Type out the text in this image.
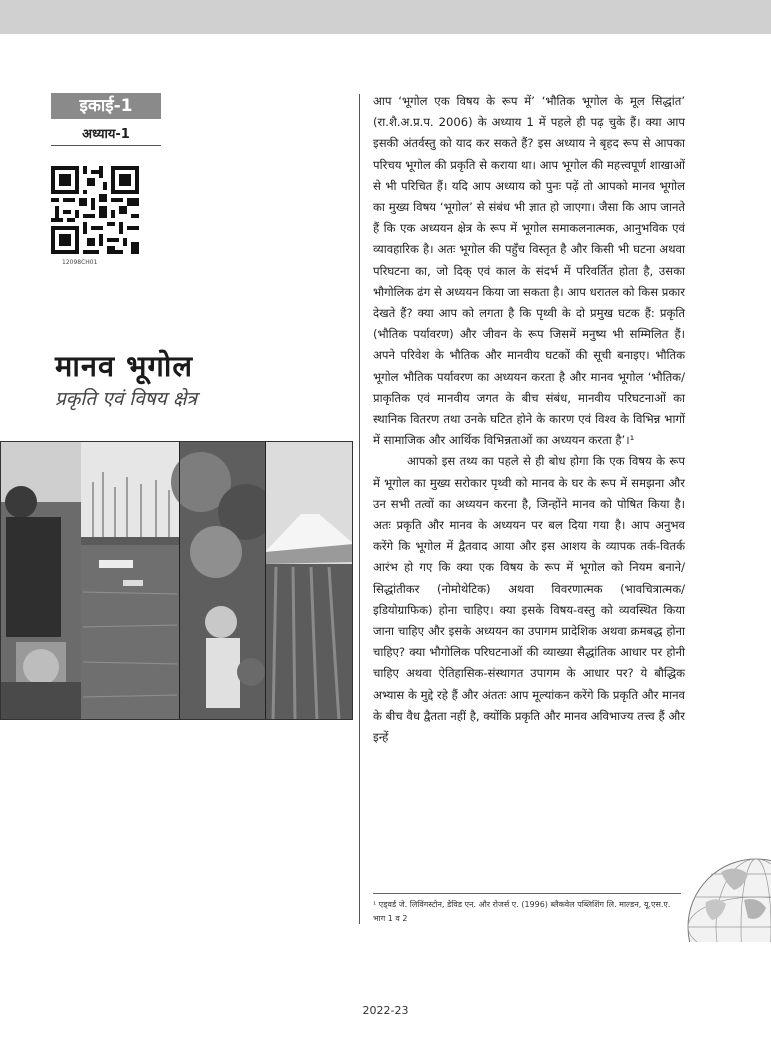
इकाई-1
अध्याय-1
12098CH01
मानव भूगोल
प्रकृति एवं विषय क्षेत्र

आप ‘भूगोल एक विषय के रूप में’ ‘भौतिक भूगोल के मूल सिद्धांत’ (रा.शै.अ.प्र.प. 2006) के अध्याय 1 में पहले ही पढ़ चुके हैं। क्या आप इसकी अंतर्वस्तु को याद कर सकते हैं? इस अध्याय ने बृहद रूप से आपका परिचय भूगोल की प्रकृति से कराया था। आप भूगोल की महत्त्वपूर्ण शाखाओं से भी परिचित हैं। यदि आप अध्याय को पुनः पढ़ें तो आपको मानव भूगोल का मुख्य विषय ‘भूगोल’ से संबंध भी ज्ञात हो जाएगा। जैसा कि आप जानते हैं कि एक अध्ययन क्षेत्र के रूप में भूगोल समाकलनात्मक, आनुभविक एवं व्यावहारिक है। अतः भूगोल की पहुँच विस्तृत है और किसी भी घटना अथवा परिघटना का, जो दिक् एवं काल के संदर्भ में परिवर्तित होता है, उसका भौगोलिक ढंग से अध्ययन किया जा सकता है। आप धरातल को किस प्रकार देखते हैं? क्या आप को लगता है कि पृथ्वी के दो प्रमुख घटक हैं: प्रकृति (भौतिक पर्यावरण) और जीवन के रूप जिसमें मनुष्य भी सम्मिलित हैं। अपने परिवेश के भौतिक और मानवीय घटकों की सूची बनाइए। भौतिक भूगोल भौतिक पर्यावरण का अध्ययन करता है और मानव भूगोल ‘भौतिक/प्राकृतिक एवं मानवीय जगत के बीच संबंध, मानवीय परिघटनाओं का स्थानिक वितरण तथा उनके घटित होने के कारण एवं विश्व के विभिन्न भागों में सामाजिक और आर्थिक विभिन्नताओं का अध्ययन करता है’।¹

आपको इस तथ्य का पहले से ही बोध होगा कि एक विषय के रूप में भूगोल का मुख्य सरोकार पृथ्वी को मानव के घर के रूप में समझना और उन सभी तत्वों का अध्ययन करना है, जिन्होंने मानव को पोषित किया है। अतः प्रकृति और मानव के अध्ययन पर बल दिया गया है। आप अनुभव करेंगे कि भूगोल में द्वैतवाद आया और इस आशय के व्यापक तर्क-वितर्क आरंभ हो गए कि क्या एक विषय के रूप में भूगोल को नियम बनाने/सिद्धांतीकर (नोमोथेटिक) अथवा विवरणात्मक (भावचित्रात्मक/इडियोग्राफिक) होना चाहिए। क्या इसके विषय-वस्तु को व्यवस्थित किया जाना चाहिए और इसके अध्ययन का उपागम प्रादेशिक अथवा क्रमबद्ध होना चाहिए? क्या भौगोलिक परिघटनाओं की व्याख्या सैद्धांतिक आधार पर होनी चाहिए अथवा ऐतिहासिक-संस्थागत उपागम के आधार पर? ये बौद्धिक अभ्यास के मुद्दे रहे हैं और अंततः आप मूल्यांकन करेंगे कि प्रकृति और मानव के बीच वैध द्वैतता नहीं है, क्योंकि प्रकृति और मानव अविभाज्य तत्त्व हैं और इन्हें

¹ एड्वर्ड जे. लिविंगस्टोन, डेविड एन. और रोजर्स ए. (1996) ब्लैकवेल पब्लिशिंग लि. माल्डन, यू.एस.ए. भाग 1 व 2
2022-23
